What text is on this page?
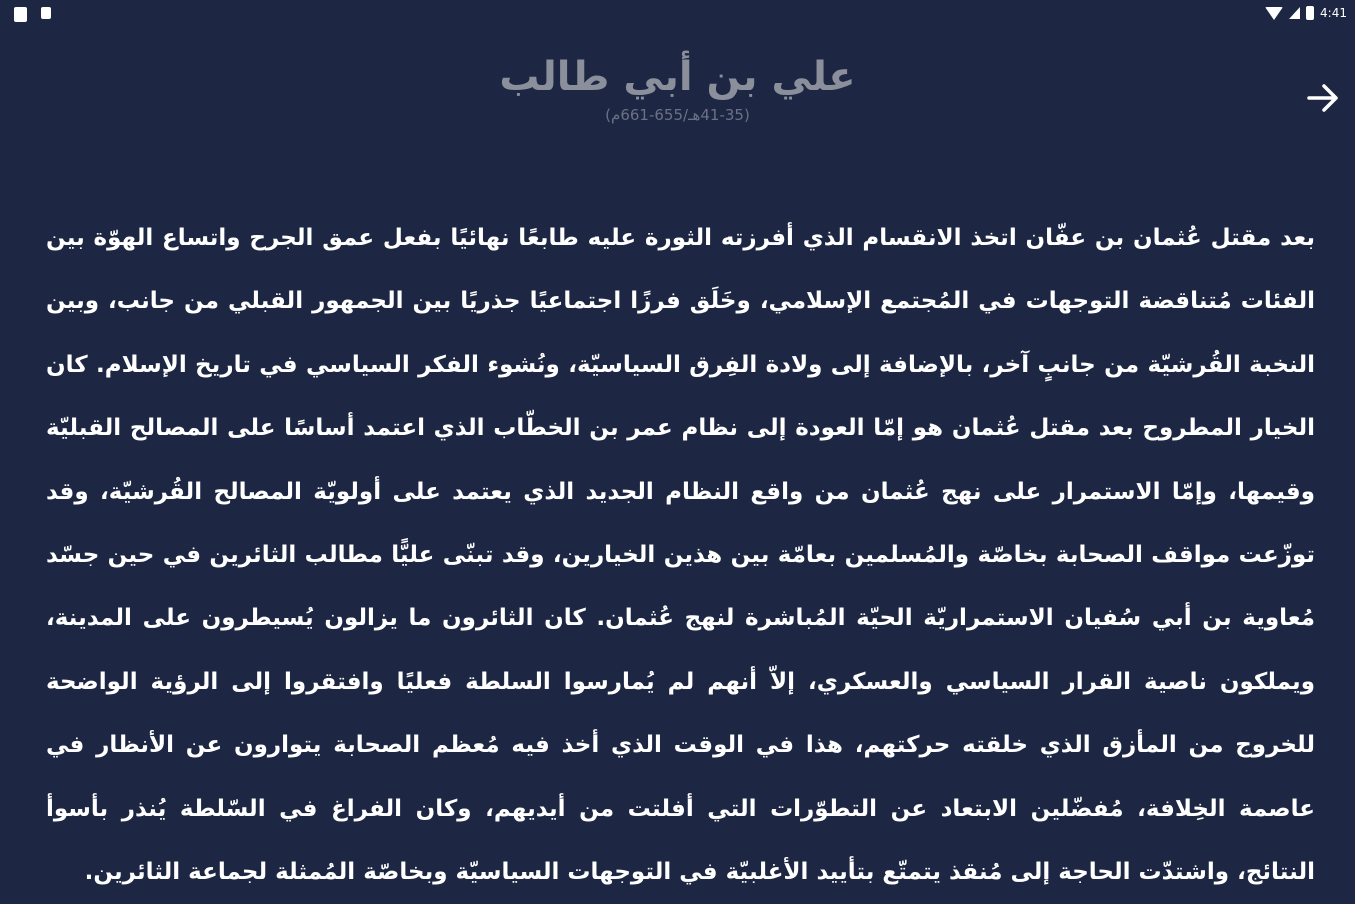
4:41
علي بن أبي طالب
(41-35هـ/655-661م)
بعد مقتل عُثمان بن عفّان اتخذ الانقسام الذي أفرزته الثورة عليه طابعًا نهائيًا بفعل عمق الجرح واتساع الهوّة بين الفئات مُتناقضة التوجهات في المُجتمع الإسلامي، وخَلَق فرزًا اجتماعيًا جذريًا بين الجمهور القبلي من جانب، وبين النخبة القُرشيّة من جانبٍ آخر، بالإضافة إلى ولادة الفِرق السياسيّة، ونُشوء الفكر السياسي في تاريخ الإسلام. كان الخيار المطروح بعد مقتل عُثمان هو إمّا العودة إلى نظام عمر بن الخطّاب الذي اعتمد أساسًا على المصالح القبليّة وقيمها، وإمّا الاستمرار على نهج عُثمان من واقع النظام الجديد الذي يعتمد على أولويّة المصالح القُرشيّة، وقد توزّعت مواقف الصحابة بخاصّة والمُسلمين بعامّة بين هذين الخيارين، وقد تبنّى عليًّا مطالب الثائرين في حين جسّد مُعاوية بن أبي سُفيان الاستمراريّة الحيّة المُباشرة لنهج عُثمان. كان الثائرون ما يزالون يُسيطرون على المدينة، ويملكون ناصية القرار السياسي والعسكري، إلاّ أنهم لم يُمارسوا السلطة فعليًا وافتقروا إلى الرؤية الواضحة للخروج من المأزق الذي خلقته حركتهم، هذا في الوقت الذي أخذ فيه مُعظم الصحابة يتوارون عن الأنظار في عاصمة الخِلافة، مُفضّلين الابتعاد عن التطوّرات التي أفلتت من أيديهم، وكان الفراغ في السّلطة يُنذر بأسوأ النتائج، واشتدّت الحاجة إلى مُنقذ يتمتّع بتأييد الأغلبيّة في التوجهات السياسيّة وبخاصّة المُمثلة لجماعة الثائرين.
